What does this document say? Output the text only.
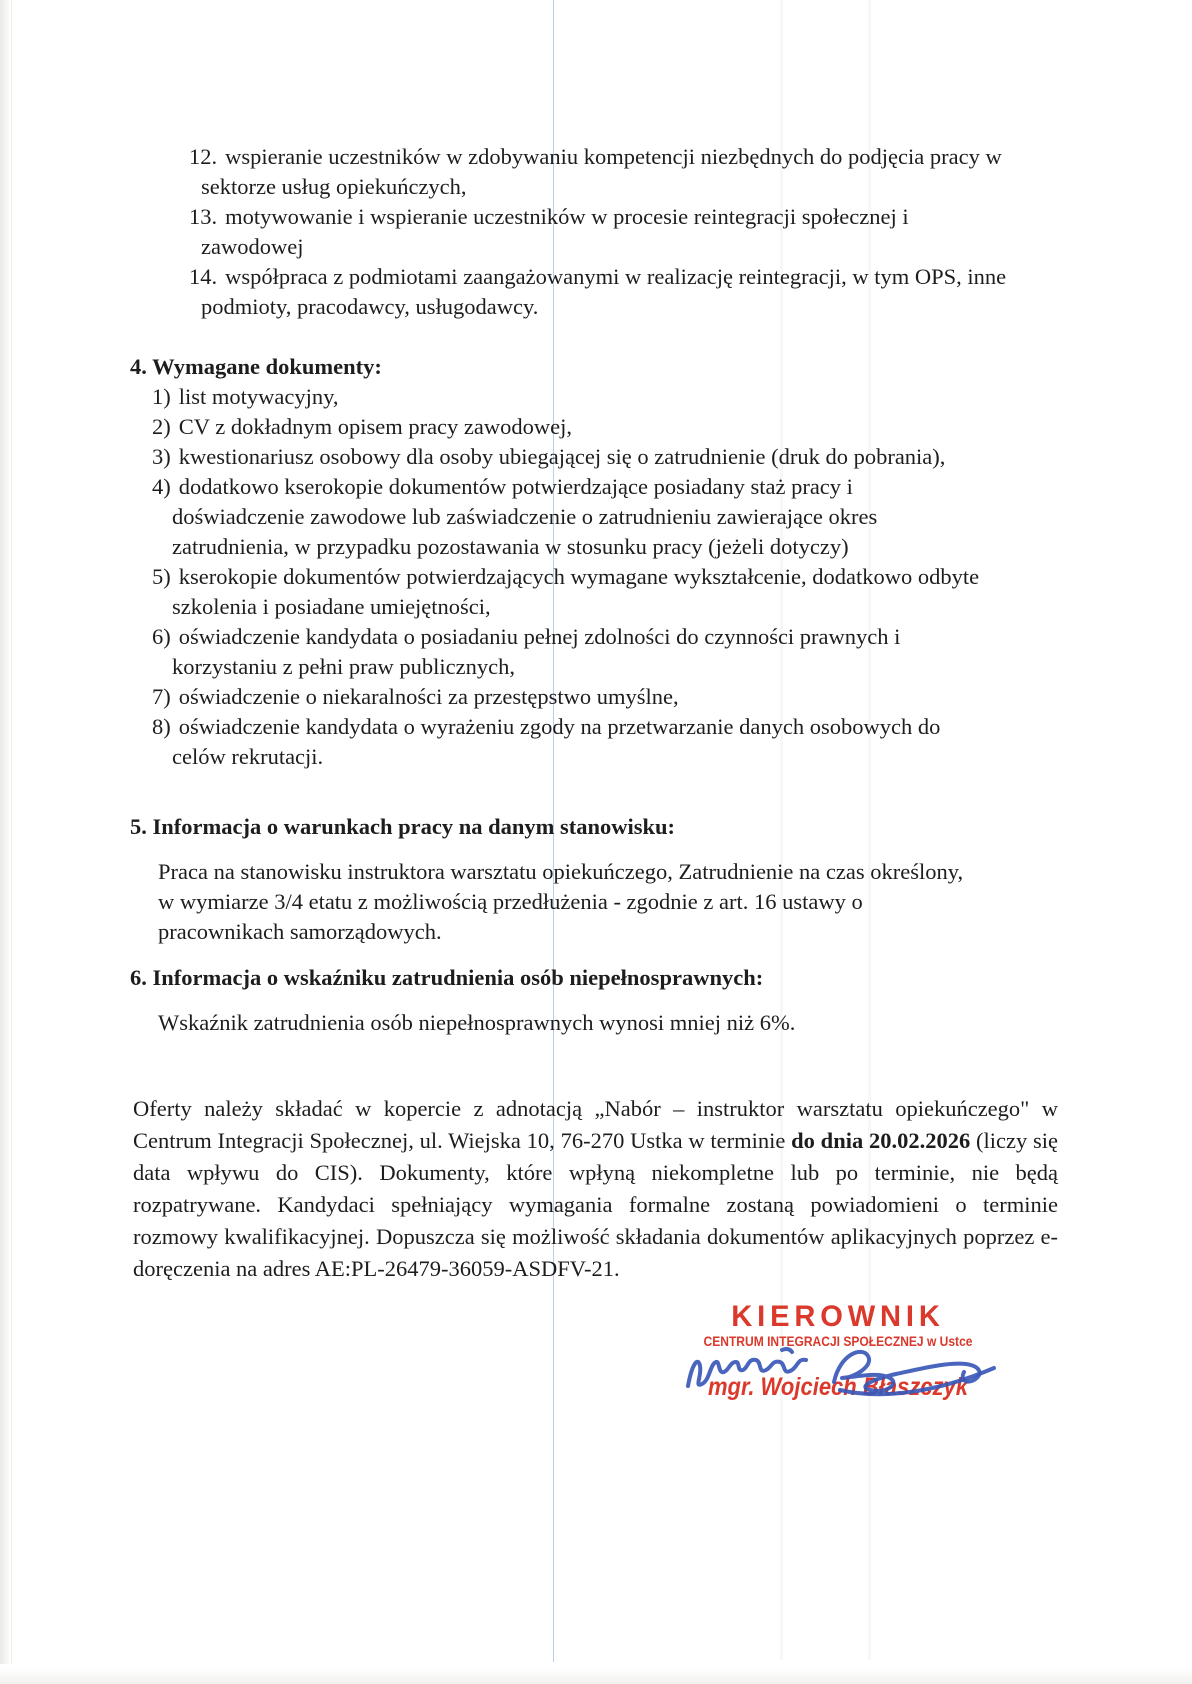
12. wspieranie uczestników w zdobywaniu kompetencji niezbędnych do podjęcia pracy w
sektorze usług opiekuńczych,
13. motywowanie i wspieranie uczestników w procesie reintegracji społecznej i
zawodowej
14. współpraca z podmiotami zaangażowanymi w realizację reintegracji, w tym OPS, inne
podmioty, pracodawcy, usługodawcy.
4. Wymagane dokumenty:
1) list motywacyjny,
2) CV z dokładnym opisem pracy zawodowej,
3) kwestionariusz osobowy dla osoby ubiegającej się o zatrudnienie (druk do pobrania),
4) dodatkowo kserokopie dokumentów potwierdzające posiadany staż pracy i
doświadczenie zawodowe lub zaświadczenie o zatrudnieniu zawierające okres
zatrudnienia, w przypadku pozostawania w stosunku pracy (jeżeli dotyczy)
5) kserokopie dokumentów potwierdzających wymagane wykształcenie, dodatkowo odbyte
szkolenia i posiadane umiejętności,
6) oświadczenie kandydata o posiadaniu pełnej zdolności do czynności prawnych i
korzystaniu z pełni praw publicznych,
7) oświadczenie o niekaralności za przestępstwo umyślne,
8) oświadczenie kandydata o wyrażeniu zgody na przetwarzanie danych osobowych do
celów rekrutacji.
5. Informacja o warunkach pracy na danym stanowisku:
Praca na stanowisku instruktora warsztatu opiekuńczego, Zatrudnienie na czas określony,
w wymiarze 3/4 etatu z możliwością przedłużenia - zgodnie z art. 16 ustawy o
pracownikach samorządowych.
6. Informacja o wskaźniku zatrudnienia osób niepełnosprawnych:
Wskaźnik zatrudnienia osób niepełnosprawnych wynosi mniej niż 6%.

Oferty należy składać w kopercie z adnotacją „Nabór – instruktor warsztatu opiekuńczego" w Centrum Integracji Społecznej, ul. Wiejska 10, 76-270 Ustka w terminie do dnia 20.02.2026 (liczy się data wpływu do CIS). Dokumenty, które wpłyną niekompletne lub po terminie, nie będą rozpatrywane. Kandydaci spełniający wymagania formalne zostaną powiadomieni o terminie rozmowy kwalifikacyjnej. Dopuszcza się możliwość składania dokumentów aplikacyjnych poprzez e-doręczenia na adres AE:PL-26479-36059-ASDFV-21.

KIEROWNIK
CENTRUM INTEGRACJI SPOŁECZNEJ w Ustce
mgr. Wojciech Błaszczyk
